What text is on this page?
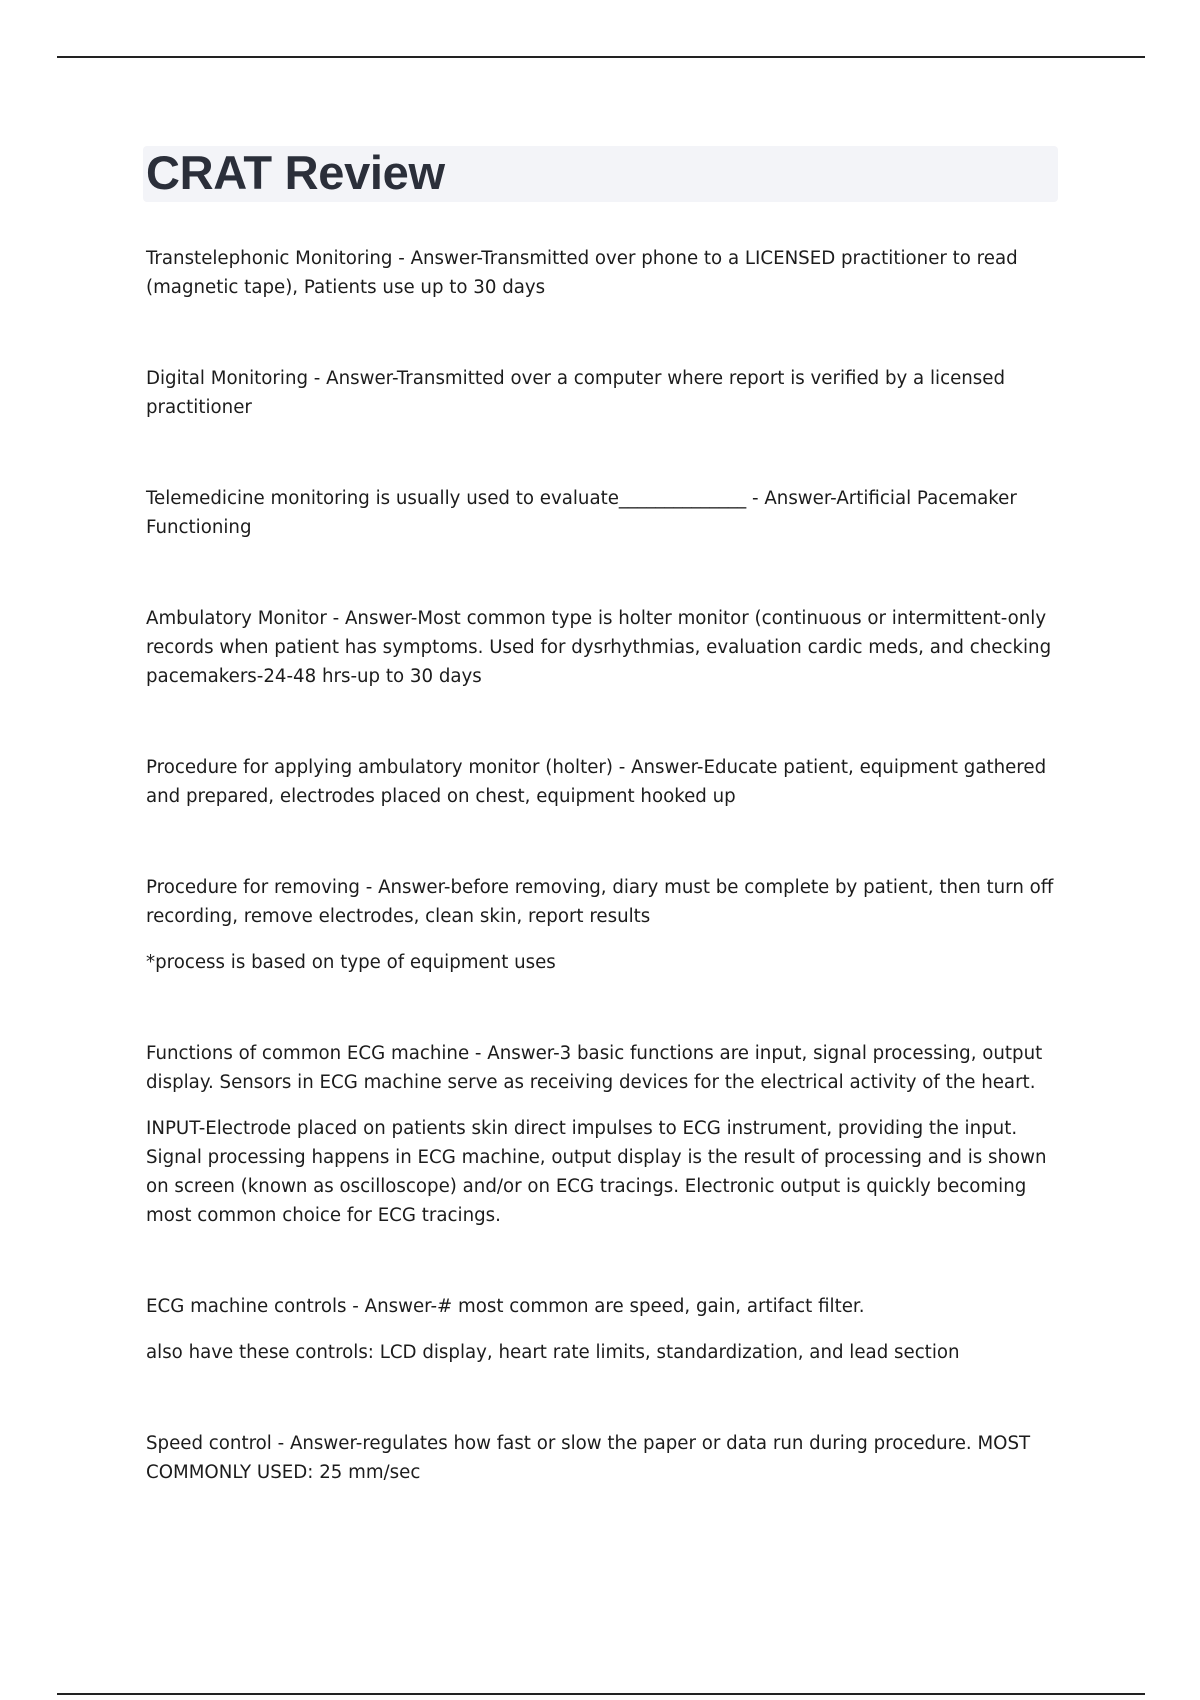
CRAT Review

Transtelephonic Monitoring - Answer-Transmitted over phone to a LICENSED practitioner to read (magnetic tape), Patients use up to 30 days

Digital Monitoring - Answer-Transmitted over a computer where report is verified by a licensed practitioner

Telemedicine monitoring is usually used to evaluate______________ - Answer-Artificial Pacemaker Functioning

Ambulatory Monitor - Answer-Most common type is holter monitor (continuous or intermittent-only records when patient has symptoms. Used for dysrhythmias, evaluation cardic meds, and checking pacemakers-24-48 hrs-up to 30 days

Procedure for applying ambulatory monitor (holter) - Answer-Educate patient, equipment gathered and prepared, electrodes placed on chest, equipment hooked up

Procedure for removing - Answer-before removing, diary must be complete by patient, then turn off recording, remove electrodes, clean skin, report results

*process is based on type of equipment uses

Functions of common ECG machine - Answer-3 basic functions are input, signal processing, output display. Sensors in ECG machine serve as receiving devices for the electrical activity of the heart.

INPUT-Electrode placed on patients skin direct impulses to ECG instrument, providing the input. Signal processing happens in ECG machine, output display is the result of processing and is shown on screen (known as oscilloscope) and/or on ECG tracings. Electronic output is quickly becoming most common choice for ECG tracings.

ECG machine controls - Answer-# most common are speed, gain, artifact filter.

also have these controls: LCD display, heart rate limits, standardization, and lead section

Speed control - Answer-regulates how fast or slow the paper or data run during procedure. MOST COMMONLY USED: 25 mm/sec
